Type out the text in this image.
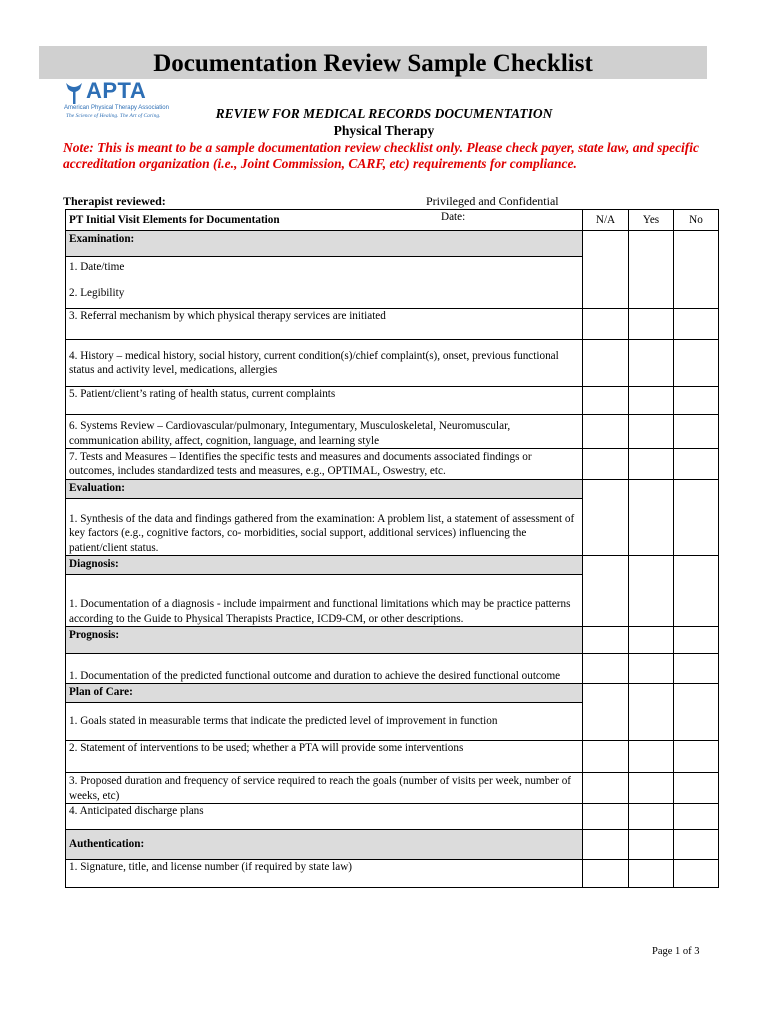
Documentation Review Sample Checklist
APTA
American Physical Therapy Association
The Science of Healing. The Art of Caring.	REVIEW FOR MEDICAL RECORDS DOCUMENTATION
Physical Therapy
Note: This is meant to be a sample documentation review checklist only. Please check payer, state law, and specific accreditation organization (i.e., Joint Commission, CARF, etc) requirements for compliance.
Therapist reviewed:	Privileged and Confidential
PT Initial Visit Elements for Documentation Date:	N/A	Yes	No
Examination:			

1. Date/time
2. Legibility			

3. Referral mechanism by which physical therapy services are initiated			
4. History – medical history, social history, current condition(s)/chief complaint(s), onset, previous functional status and activity level, medications, allergies			
5. Patient/client’s rating of health status, current complaints			
6. Systems Review – Cardiovascular/pulmonary, Integumentary, Musculoskeletal, Neuromuscular, communication ability, affect, cognition, language, and learning style			
7. Tests and Measures – Identifies the specific tests and measures and documents associated findings or outcomes, includes standardized tests and measures, e.g., OPTIMAL, Oswestry, etc.			
Evaluation:			
1. Synthesis of the data and findings gathered from the examination: A problem list, a statement of assessment of key factors (e.g., cognitive factors, co- morbidities, social support, additional services) influencing the patient/client status.			
Diagnosis:			
1. Documentation of a diagnosis - include impairment and functional limitations which may be practice patterns according to the Guide to Physical Therapists Practice, ICD9-CM, or other descriptions.			
Prognosis:			
1. Documentation of the predicted functional outcome and duration to achieve the desired functional outcome			
Plan of Care:			
1. Goals stated in measurable terms that indicate the predicted level of improvement in function			
2. Statement of interventions to be used; whether a PTA will provide some interventions			
3. Proposed duration and frequency of service required to reach the goals (number of visits per week, number of weeks, etc)			
4. Anticipated discharge plans			
Authentication:			
1. Signature, title, and license number (if required by state law)			
Page 1 of 3
